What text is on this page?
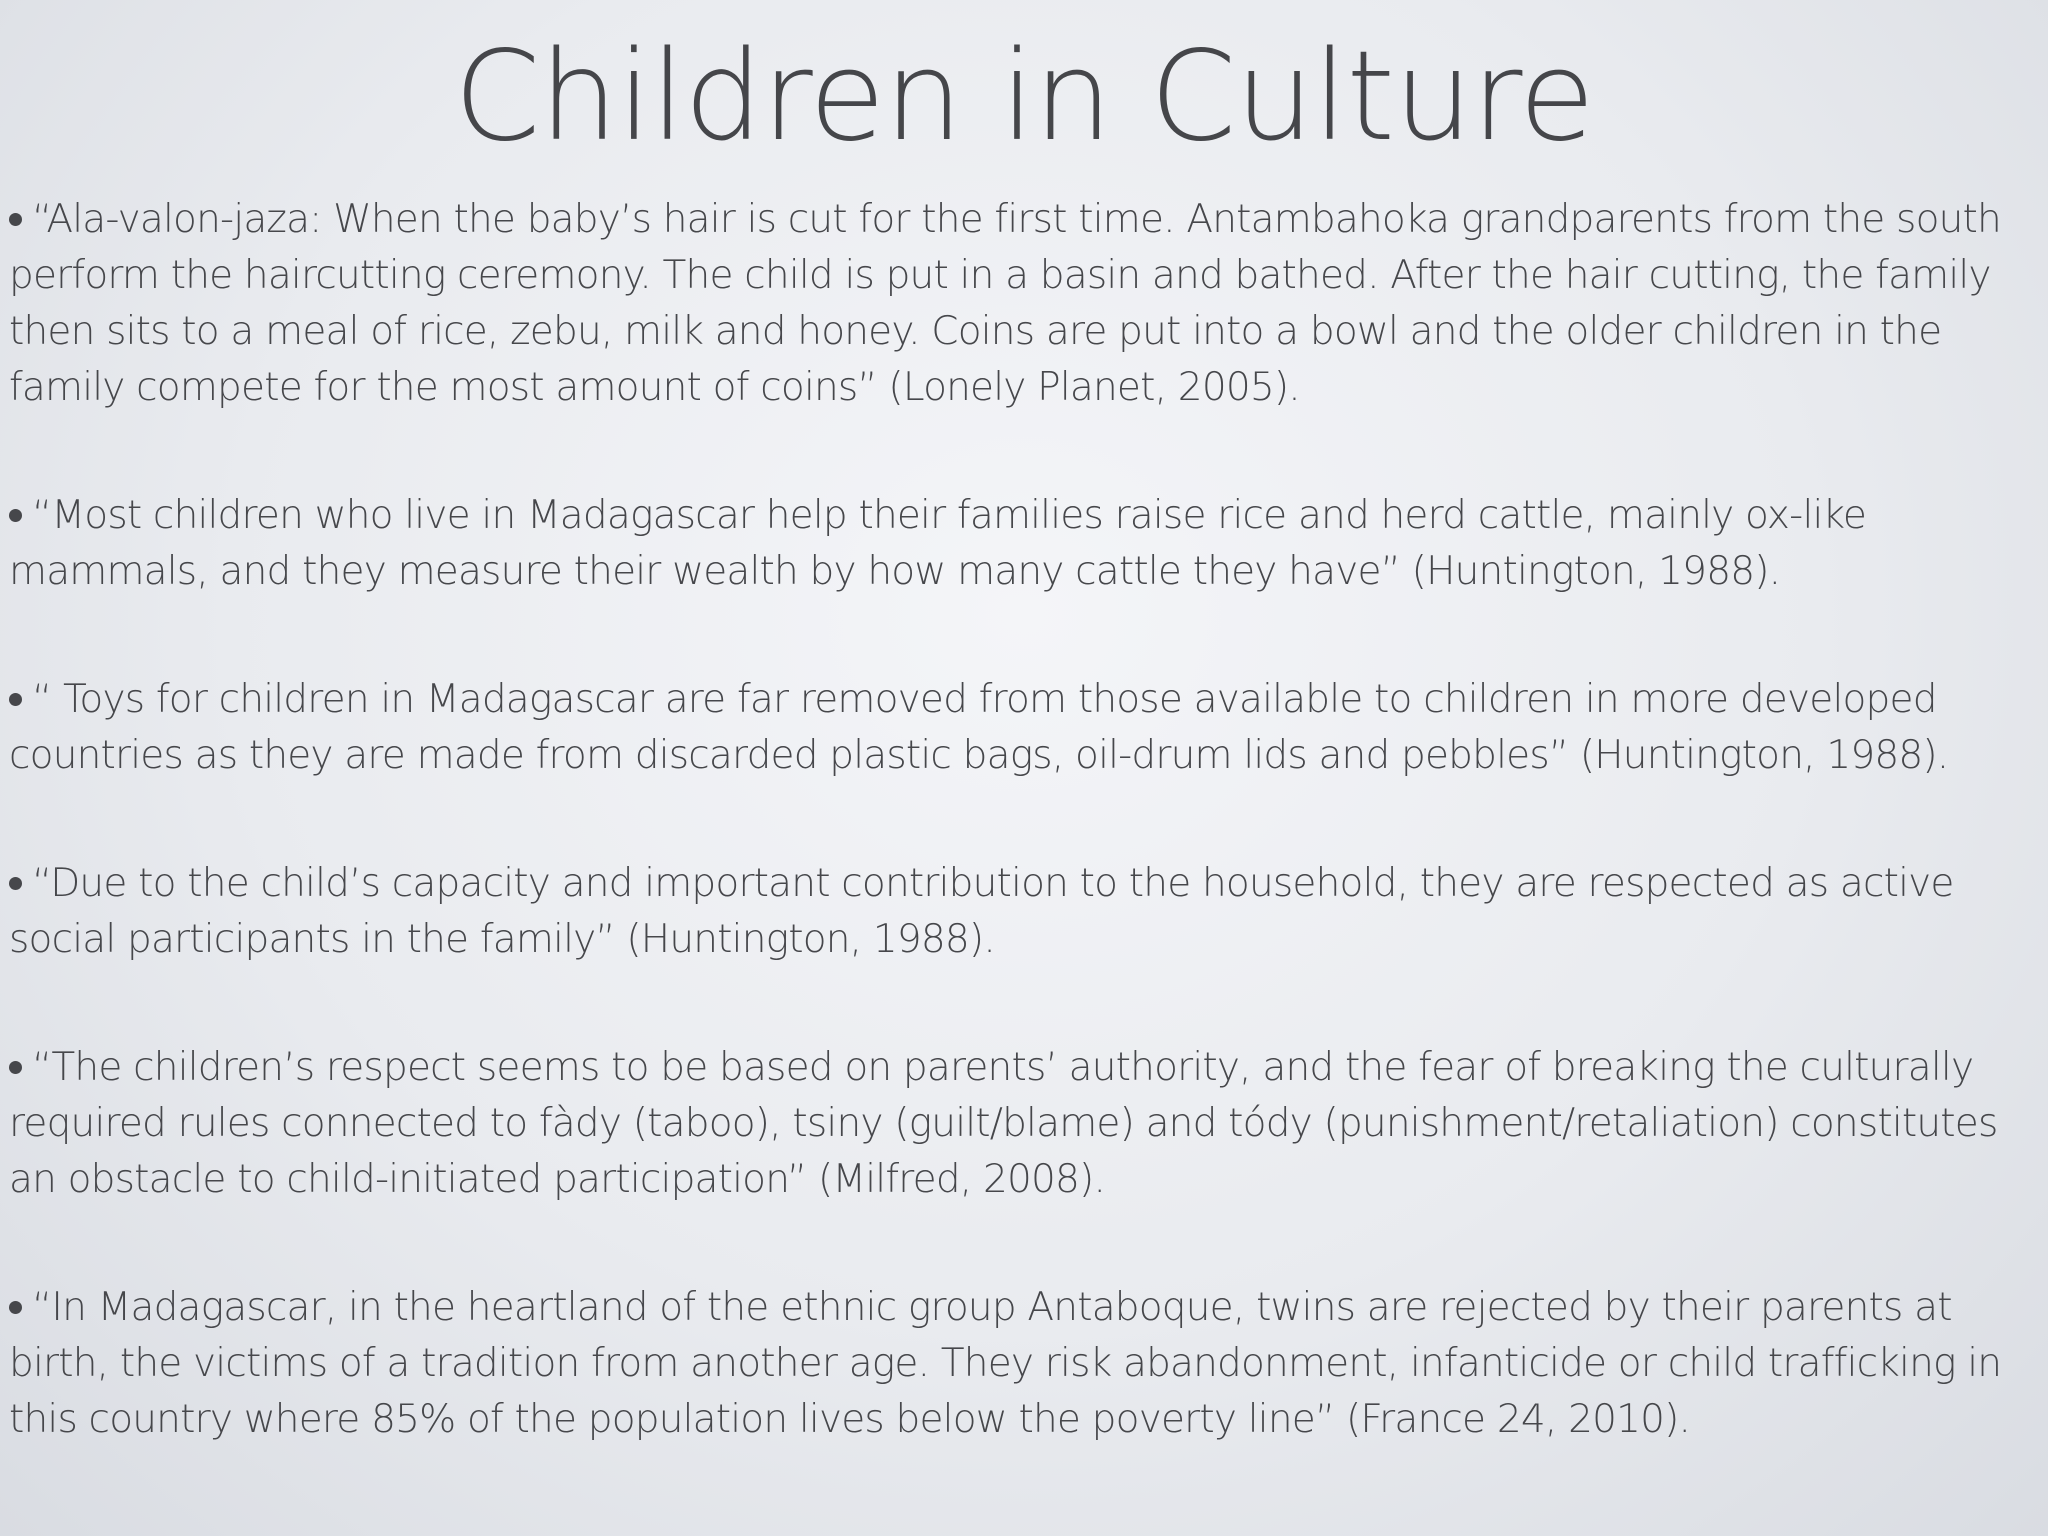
Children in Culture
“Ala-valon-jaza: When the baby’s hair is cut for the first time. Antambahoka grandparents from the south perform the haircutting ceremony. The child is put in a basin and bathed. After the hair cutting, the family then sits to a meal of rice, zebu, milk and honey. Coins are put into a bowl and the older children in the family compete for the most amount of coins” (Lonely Planet, 2005).
“Most children who live in Madagascar help their families raise rice and herd cattle, mainly ox-like mammals, and they measure their wealth by how many cattle they have” (Huntington, 1988).
“ Toys for children in Madagascar are far removed from those available to children in more developed countries as they are made from discarded plastic bags, oil-drum lids and pebbles” (Huntington, 1988).
“Due to the child’s capacity and important contribution to the household, they are respected as active social participants in the family” (Huntington, 1988).
“The children’s respect seems to be based on parents’ authority, and the fear of breaking the culturally required rules connected to fàdy (taboo), tsiny (guilt/blame) and tódy (punishment/retaliation) constitutes an obstacle to child-initiated participation” (Milfred, 2008).
“In Madagascar, in the heartland of the ethnic group Antaboque, twins are rejected by their parents at birth, the victims of a tradition from another age. They risk abandonment, infanticide or child trafficking in this country where 85% of the population lives below the poverty line” (France 24, 2010).
